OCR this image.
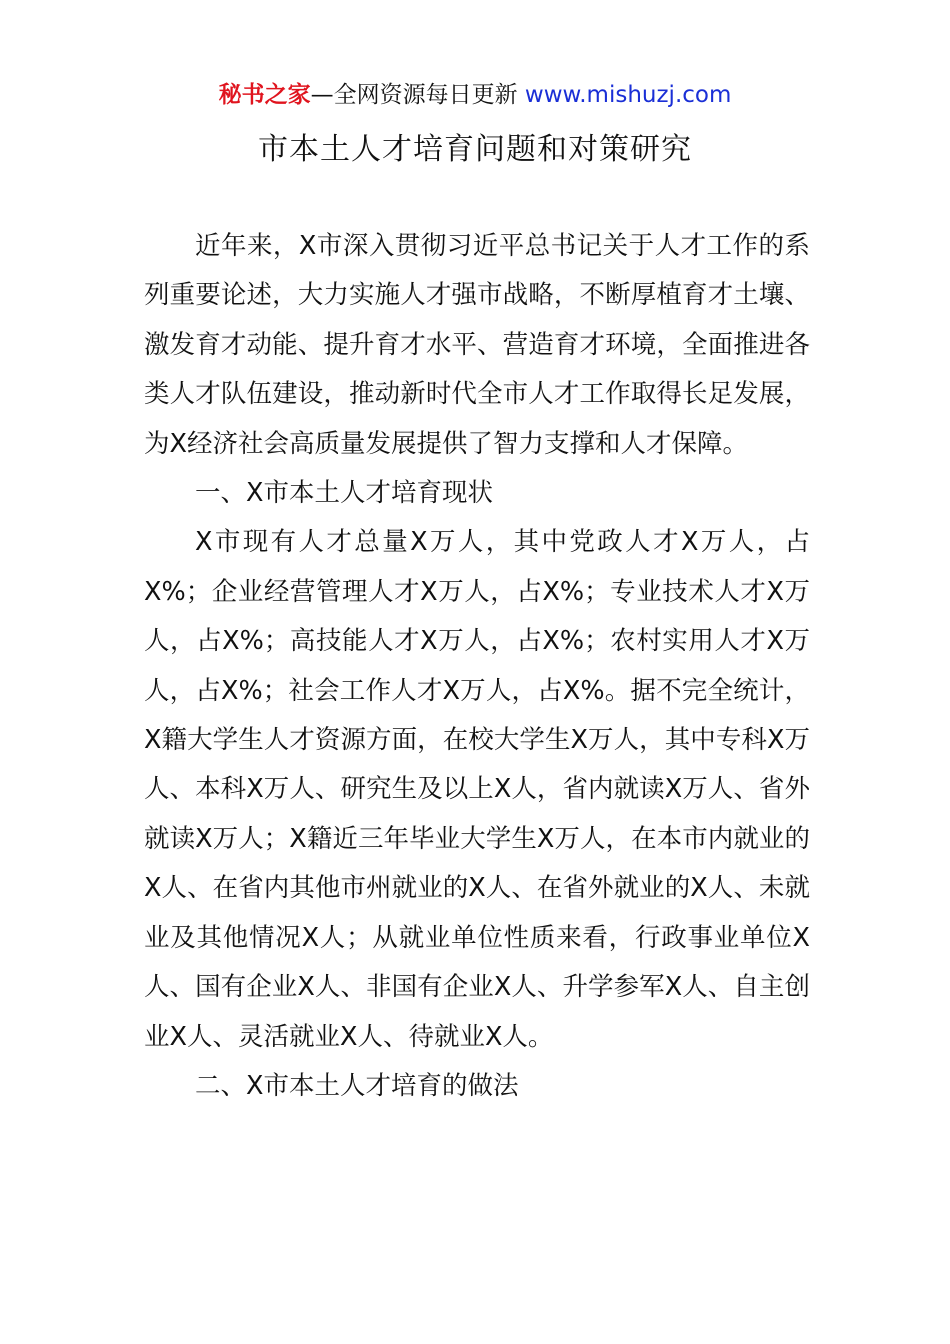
秘书之家—全网资源每日更新 www.mishuzj.com
市本土人才培育问题和对策研究

近年来，X市深入贯彻习近平总书记关于人才工作的系列重要论述，大力实施人才强市战略，不断厚植育才土壤、激发育才动能、提升育才水平、营造育才环境，全面推进各类人才队伍建设，推动新时代全市人才工作取得长足发展，为X经济社会高质量发展提供了智力支撑和人才保障。

一、X市本土人才培育现状

X市现有人才总量X万人，其中党政人才X万人，占X%；企业经营管理人才X万人，占X%；专业技术人才X万人，占X%；高技能人才X万人，占X%；农村实用人才X万人，占X%；社会工作人才X万人，占X%。据不完全统计，X籍大学生人才资源方面，在校大学生X万人，其中专科X万人、本科X万人、研究生及以上X人，省内就读X万人、省外就读X万人；X籍近三年毕业大学生X万人，在本市内就业的X人、在省内其他市州就业的X人、在省外就业的X人、未就业及其他情况X人；从就业单位性质来看，行政事业单位X人、国有企业X人、非国有企业X人、升学参军X人、自主创业X人、灵活就业X人、待就业X人。

二、X市本土人才培育的做法
